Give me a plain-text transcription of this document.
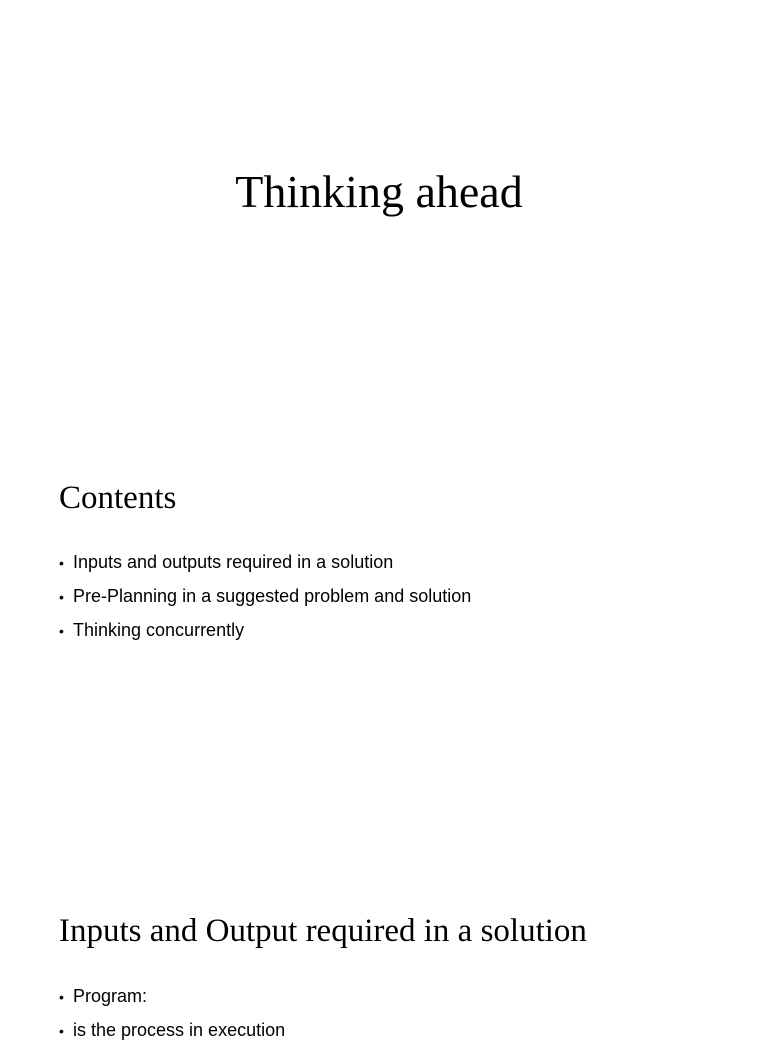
Thinking ahead
Contents
• Inputs and outputs required in a solution
• Pre-Planning in a suggested problem and solution
• Thinking concurrently
Inputs and Output required in a solution
• Program:
• is the process in execution
